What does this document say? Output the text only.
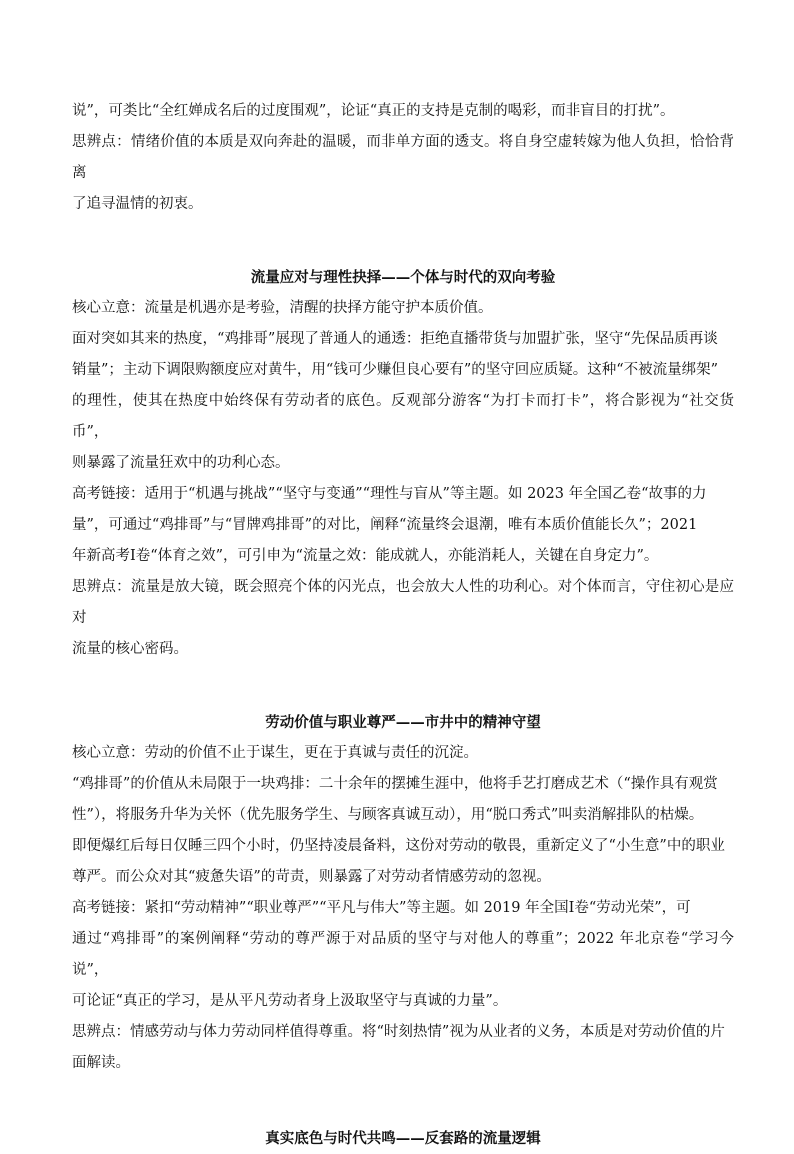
说”，可类比“全红婵成名后的过度围观”，论证“真正的支持是克制的喝彩，而非盲目的打扰”。

思辨点：情绪价值的本质是双向奔赴的温暖，而非单方面的透支。将自身空虚转嫁为他人负担，恰恰背离

了追寻温情的初衷。

流量应对与理性抉择——个体与时代的双向考验

核心立意：流量是机遇亦是考验，清醒的抉择方能守护本质价值。

面对突如其来的热度，“鸡排哥”展现了普通人的通透：拒绝直播带货与加盟扩张，坚守“先保品质再谈

销量”；主动下调限购额度应对黄牛，用“钱可少赚但良心要有”的坚守回应质疑。这种“不被流量绑架”

的理性，使其在热度中始终保有劳动者的底色。反观部分游客“为打卡而打卡”，将合影视为“社交货币”，

则暴露了流量狂欢中的功利心态。

高考链接：适用于“机遇与挑战”“坚守与变通”“理性与盲从”等主题。如 2023 年全国乙卷“故事的力

量”，可通过“鸡排哥”与“冒牌鸡排哥”的对比，阐释“流量终会退潮，唯有本质价值能长久”；2021

年新高考Ⅰ卷“体育之效”，可引申为“流量之效：能成就人，亦能消耗人，关键在自身定力”。

思辨点：流量是放大镜，既会照亮个体的闪光点，也会放大人性的功利心。对个体而言，守住初心是应对

流量的核心密码。

劳动价值与职业尊严——市井中的精神守望

核心立意：劳动的价值不止于谋生，更在于真诚与责任的沉淀。

“鸡排哥”的价值从未局限于一块鸡排：二十余年的摆摊生涯中，他将手艺打磨成艺术（“操作具有观赏

性”），将服务升华为关怀（优先服务学生、与顾客真诚互动），用“脱口秀式”叫卖消解排队的枯燥。

即便爆红后每日仅睡三四个小时，仍坚持凌晨备料，这份对劳动的敬畏，重新定义了“小生意”中的职业

尊严。而公众对其“疲惫失语”的苛责，则暴露了对劳动者情感劳动的忽视。

高考链接：紧扣“劳动精神”“职业尊严”“平凡与伟大”等主题。如 2019 年全国Ⅰ卷“劳动光荣”，可

通过“鸡排哥”的案例阐释“劳动的尊严源于对品质的坚守与对他人的尊重”；2022 年北京卷“学习今说”，

可论证“真正的学习，是从平凡劳动者身上汲取坚守与真诚的力量”。

思辨点：情感劳动与体力劳动同样值得尊重。将“时刻热情”视为从业者的义务，本质是对劳动价值的片

面解读。

真实底色与时代共鸣——反套路的流量逻辑
